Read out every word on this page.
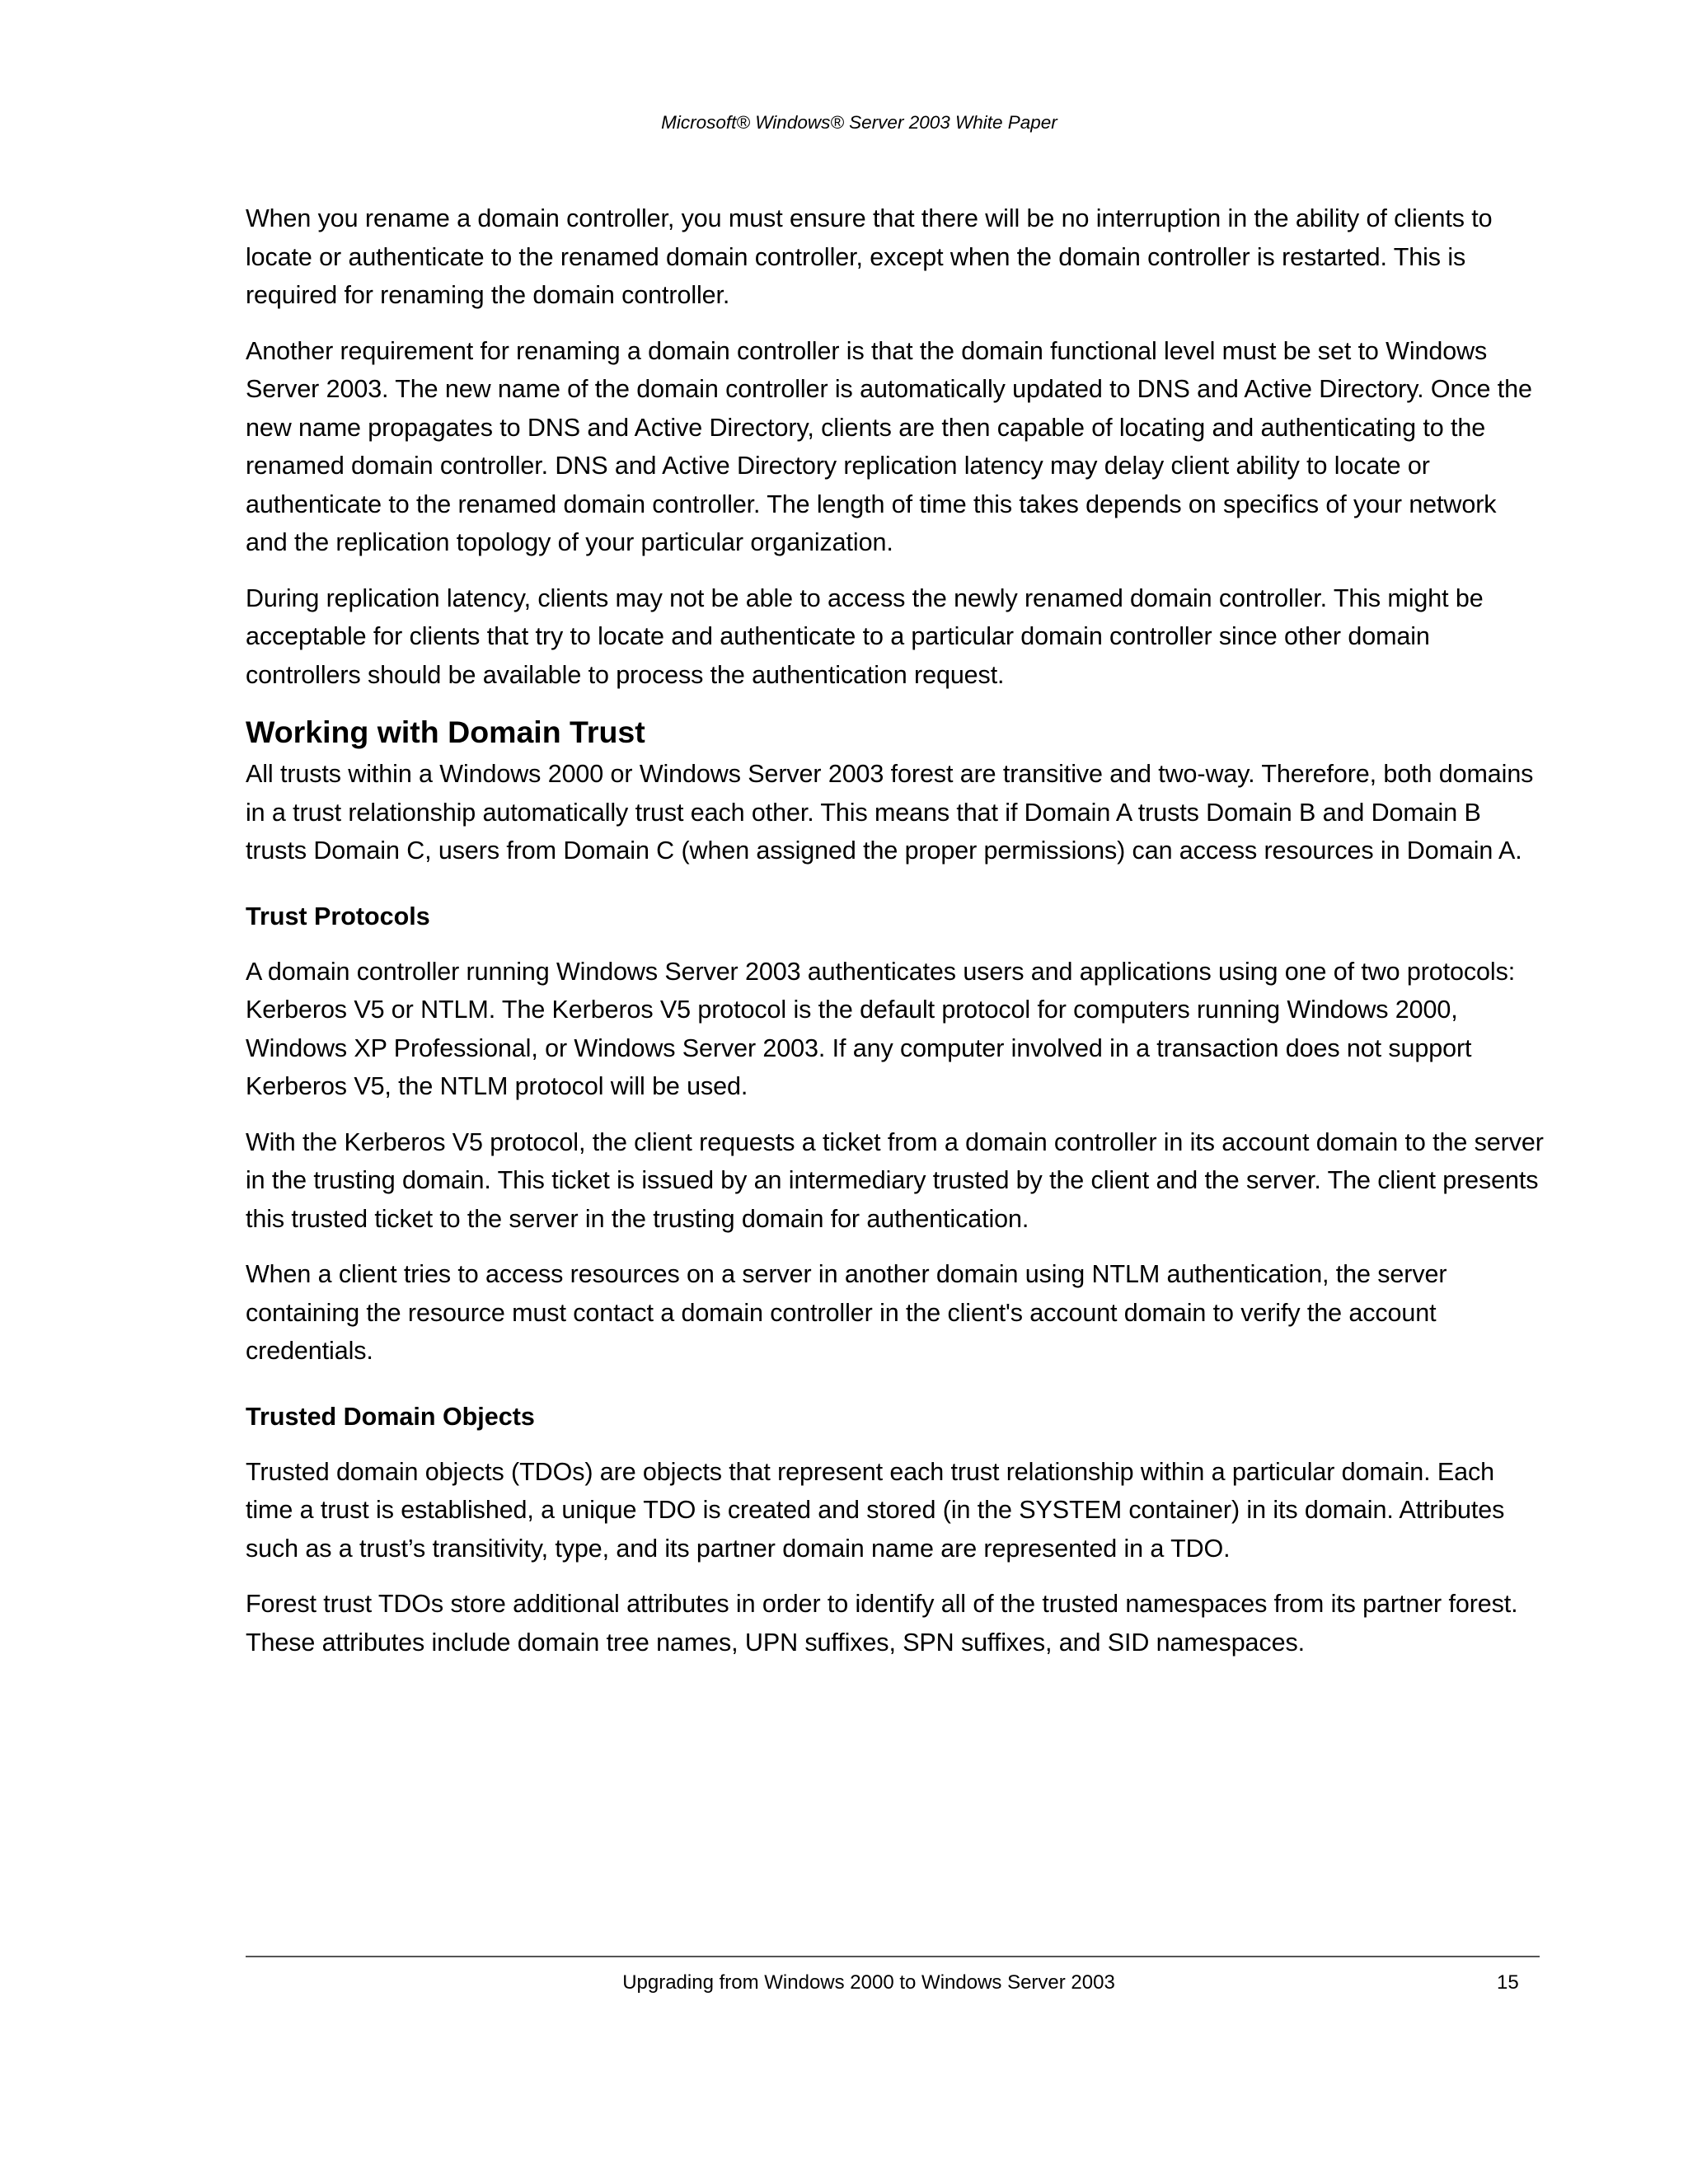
Microsoft® Windows® Server 2003 White Paper

When you rename a domain controller, you must ensure that there will be no interruption in the ability of clients to locate or authenticate to the renamed domain controller, except when the domain controller is restarted. This is required for renaming the domain controller.

Another requirement for renaming a domain controller is that the domain functional level must be set to Windows Server 2003. The new name of the domain controller is automatically updated to DNS and Active Directory. Once the new name propagates to DNS and Active Directory, clients are then capable of locating and authenticating to the renamed domain controller. DNS and Active Directory replication latency may delay client ability to locate or authenticate to the renamed domain controller. The length of time this takes depends on specifics of your network and the replication topology of your particular organization.

During replication latency, clients may not be able to access the newly renamed domain controller. This might be acceptable for clients that try to locate and authenticate to a particular domain controller since other domain controllers should be available to process the authentication request.

Working with Domain Trust

All trusts within a Windows 2000 or Windows Server 2003 forest are transitive and two-way. Therefore, both domains in a trust relationship automatically trust each other. This means that if Domain A trusts Domain B and Domain B trusts Domain C, users from Domain C (when assigned the proper permissions) can access resources in Domain A.

Trust Protocols

A domain controller running Windows Server 2003 authenticates users and applications using one of two protocols: Kerberos V5 or NTLM. The Kerberos V5 protocol is the default protocol for computers running Windows 2000, Windows XP Professional, or Windows Server 2003. If any computer involved in a transaction does not support Kerberos V5, the NTLM protocol will be used.

With the Kerberos V5 protocol, the client requests a ticket from a domain controller in its account domain to the server in the trusting domain. This ticket is issued by an intermediary trusted by the client and the server. The client presents this trusted ticket to the server in the trusting domain for authentication.

When a client tries to access resources on a server in another domain using NTLM authentication, the server containing the resource must contact a domain controller in the client's account domain to verify the account credentials.

Trusted Domain Objects

Trusted domain objects (TDOs) are objects that represent each trust relationship within a particular domain. Each time a trust is established, a unique TDO is created and stored (in the SYSTEM container) in its domain. Attributes such as a trust’s transitivity, type, and its partner domain name are represented in a TDO.

Forest trust TDOs store additional attributes in order to identify all of the trusted namespaces from its partner forest. These attributes include domain tree names, UPN suffixes, SPN suffixes, and SID namespaces.

Upgrading from Windows 2000 to Windows Server 2003	15
